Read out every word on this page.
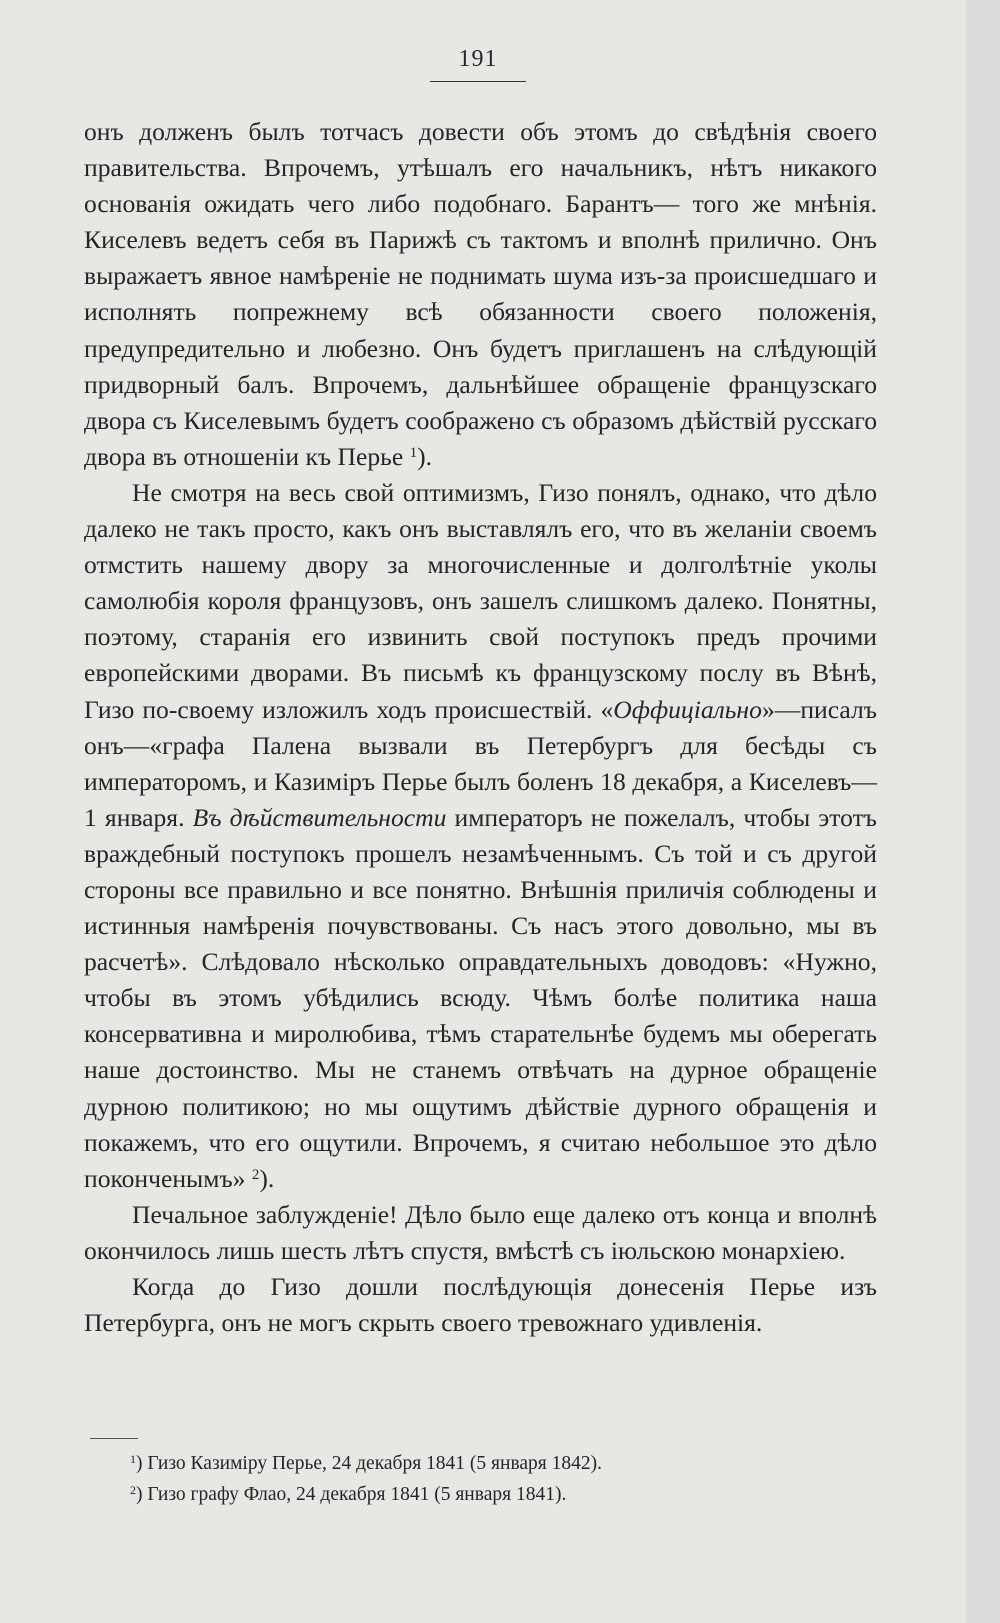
191

онъ долженъ былъ тотчасъ довести объ этомъ до свѣдѣнія своего правительства. Впрочемъ, утѣшалъ его начальникъ, нѣтъ никакого основанія ожидать чего либо подобнаго. Барантъ— того же мнѣнія. Киселевъ ведетъ себя въ Парижѣ съ тактомъ и вполнѣ прилично. Онъ выражаетъ явное намѣреніе не поднимать шума изъ-за происшедшаго и исполнять попрежнему всѣ обязанности своего положенія, предупредительно и любезно. Онъ будетъ приглашенъ на слѣдующій придворный балъ. Впрочемъ, дальнѣйшее обращеніе французскаго двора съ Киселевымъ будетъ соображено съ образомъ дѣйствій русскаго двора въ отношеніи къ Перье $^1$).

Не смотря на весь свой оптимизмъ, Гизо понялъ, однако, что дѣло далеко не такъ просто, какъ онъ выставлялъ его, что въ желаніи своемъ отмстить нашему двору за многочисленные и долголѣтніе уколы самолюбія короля французовъ, онъ зашелъ слишкомъ далеко. Понятны, поэтому, старанія его извинить свой поступокъ предъ прочими европейскими дворами. Въ письмѣ къ французскому послу въ Вѣнѣ, Гизо по-своему изложилъ ходъ происшествій. «Оффиціально»—писалъ онъ—«графа Палена вызвали въ Петербургъ для бесѣды съ императоромъ, и Казиміръ Перье былъ боленъ 18 декабря, а Киселевъ—1 января. Въ дѣйствительности императоръ не пожелалъ, чтобы этотъ враждебный поступокъ прошелъ незамѣченнымъ. Съ той и съ другой стороны все правильно и все понятно. Внѣшнія приличія соблюдены и истинныя намѣренія почувствованы. Съ насъ этого довольно, мы въ расчетѣ». Слѣдовало нѣсколько оправдательныхъ доводовъ: «Нужно, чтобы въ этомъ убѣдились всюду. Чѣмъ болѣе политика наша консервативна и миролюбива, тѣмъ старательнѣе будемъ мы оберегать наше достоинство. Мы не станемъ отвѣчать на дурное обращеніе дурною политикою; но мы ощутимъ дѣйствіе дурного обращенія и покажемъ, что его ощутили. Впрочемъ, я считаю небольшое это дѣло поконченымъ» $^2$).

Печальное заблужденіе! Дѣло было еще далеко отъ конца и вполнѣ окончилось лишь шесть лѣтъ спустя, вмѣстѣ съ іюльскою монархіею.

Когда до Гизо дошли послѣдующія донесенія Перье изъ Петербурга, онъ не могъ скрыть своего тревожнаго удивленія.

$^1$) Гизо Казиміру Перье, 24 декабря 1841 (5 января 1842).
$^2$) Гизо графу Флао, 24 декабря 1841 (5 января 1841).
